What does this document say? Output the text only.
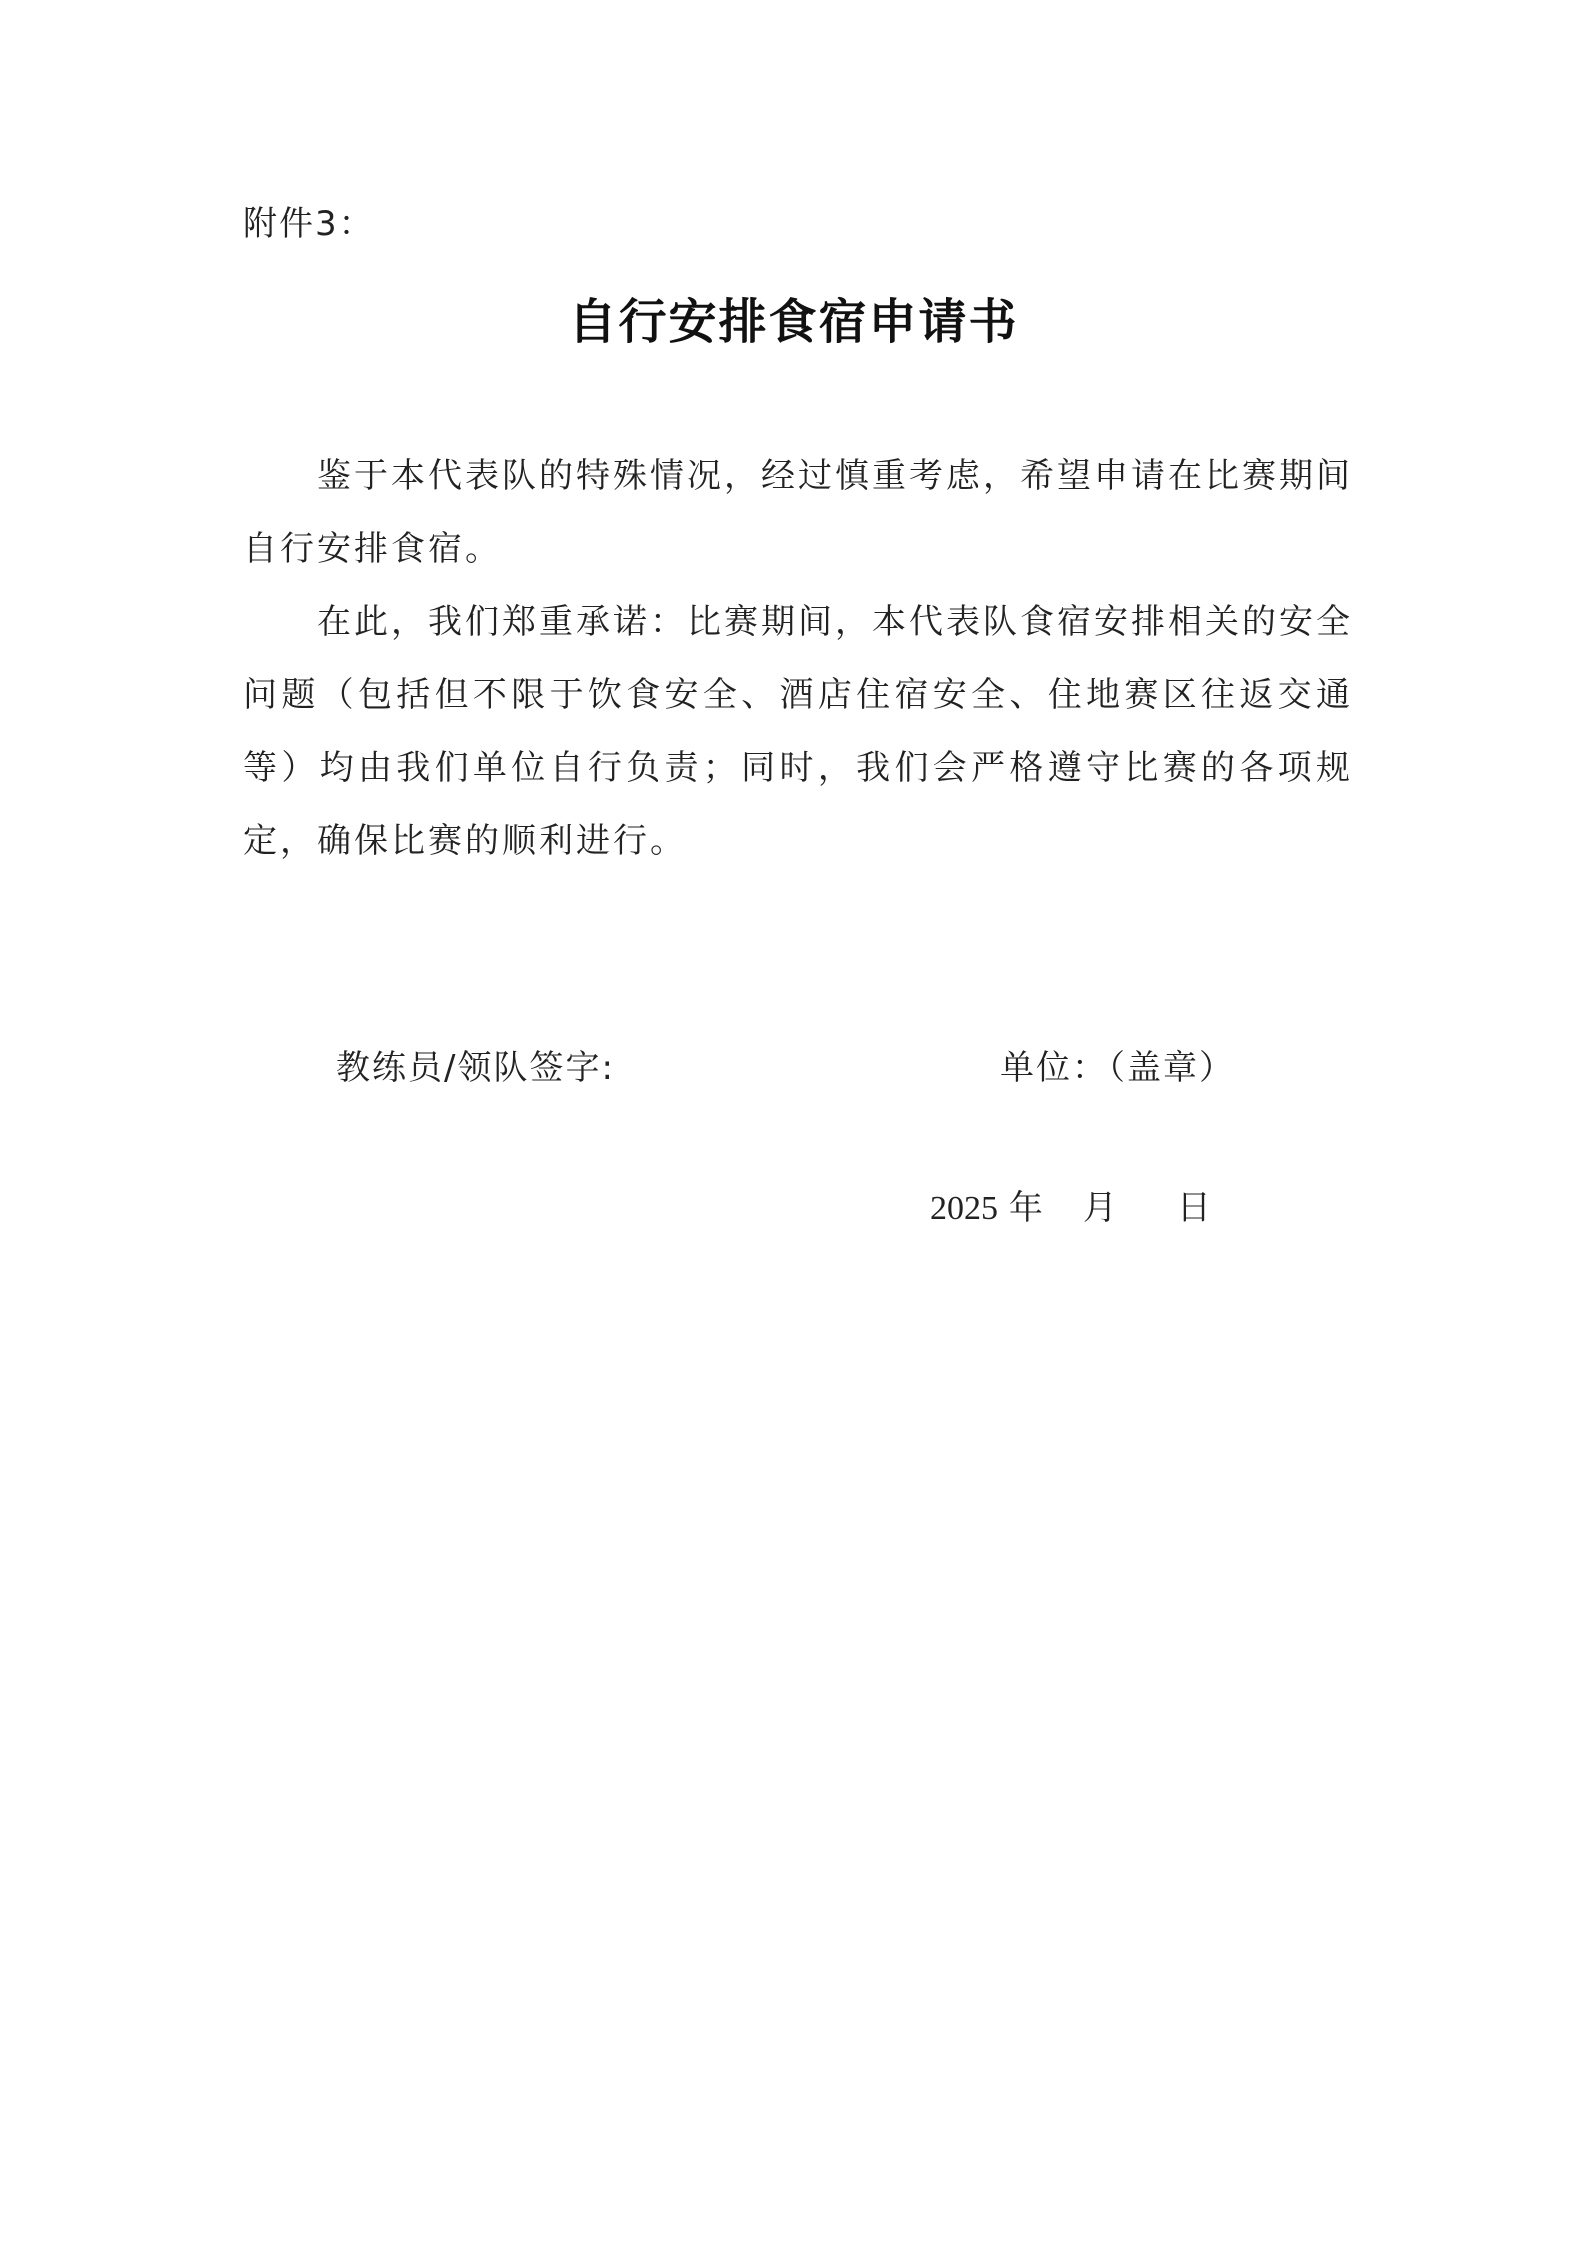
附件3：
自行安排食宿申请书

鉴于本代表队的特殊情况，经过慎重考虑，希望申请在比赛期间自行安排食宿。

在此，我们郑重承诺：比赛期间，本代表队食宿安排相关的安全问题（包括但不限于饮食安全、酒店住宿安全、住地赛区往返交通等）均由我们单位自行负责；同时，我们会严格遵守比赛的各项规定，确保比赛的顺利进行。

教练员/领队签字:	单位：（盖章）
2025 年 月 日
